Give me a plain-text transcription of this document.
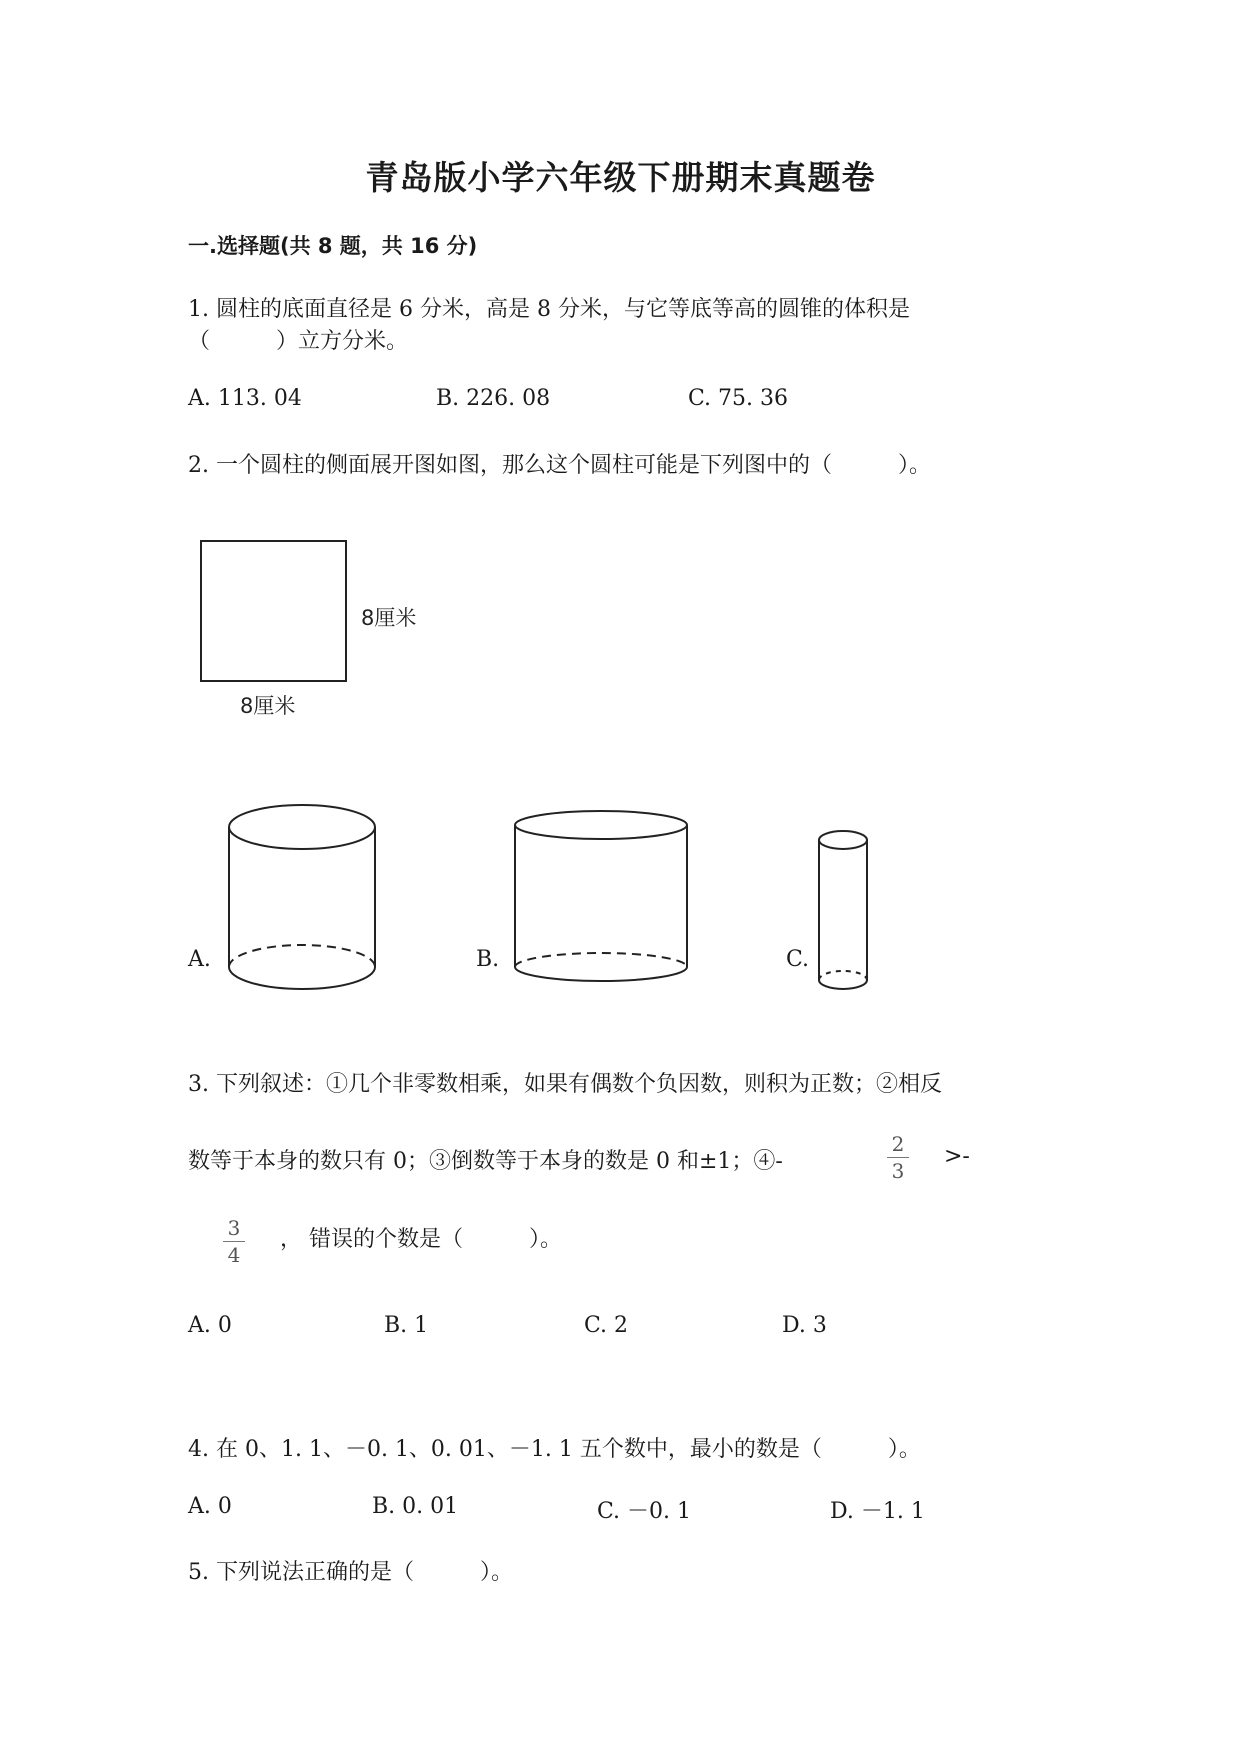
青岛版小学六年级下册期末真题卷
一.选择题(共 8 题，共 16 分)
1. 圆柱的底面直径是 6 分米，高是 8 分米，与它等底等高的圆锥的体积是
（　　　）立方分米。
A. 113. 04	B. 226. 08	C. 75. 36
2. 一个圆柱的侧面展开图如图，那么这个圆柱可能是下列图中的（　　　）。
8厘米
8厘米
A.	B.	C.
3. 下列叙述：①几个非零数相乘，如果有偶数个负因数，则积为正数；②相反
数等于本身的数只有 0；③倒数等于本身的数是 0 和±1；④-
2
3
>-
3
4
， 错误的个数是（　　　）。
A. 0	B. 1	C. 2	D. 3
4. 在 0、1. 1、－0. 1、0. 01、－1. 1 五个数中，最小的数是（　　　）。
A. 0	B. 0. 01	C. －0. 1	D. －1. 1
5. 下列说法正确的是（　　　）。
